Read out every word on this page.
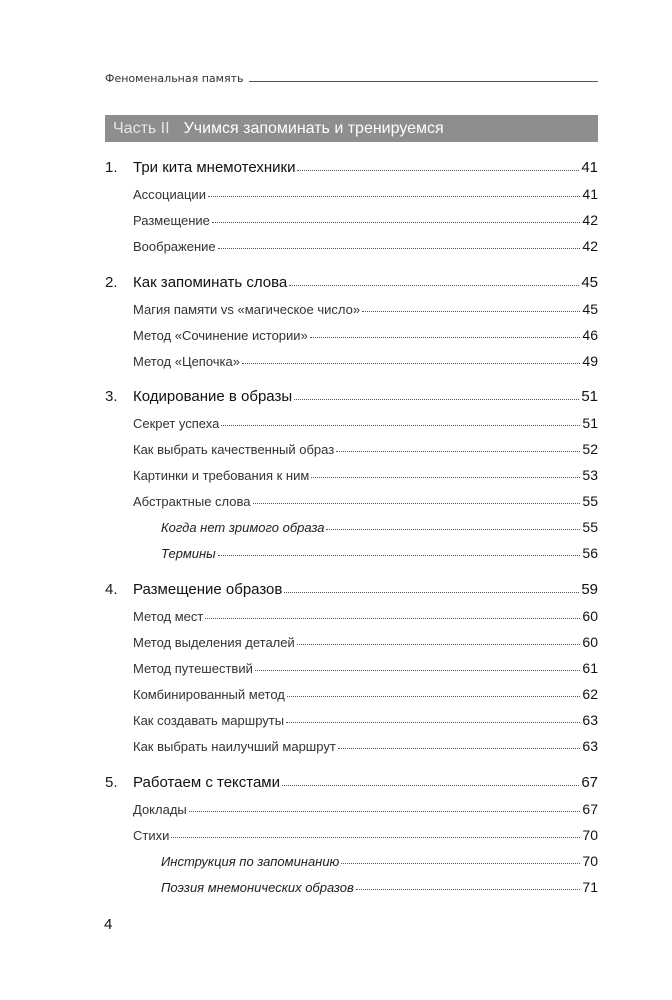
Феноменальная память
Часть II Учимся запоминать и тренируемся
1.	Три кита мнемотехники	41
Ассоциации	41
Размещение	42
Воображение	42
2.	Как запоминать слова	45
Магия памяти vs «магическое число»	45
Метод «Сочинение истории»	46
Метод «Цепочка»	49
3.	Кодирование в образы	51
Секрет успеха	51
Как выбрать качественный образ	52
Картинки и требования к ним	53
Абстрактные слова	55
Когда нет зримого образа	55
Термины	56
4.	Размещение образов	59
Метод мест	60
Метод выделения деталей	60
Метод путешествий	61
Комбинированный метод	62
Как создавать маршруты	63
Как выбрать наилучший маршрут	63
5.	Работаем с текстами	67
Доклады	67
Стихи	70
Инструкция по запоминанию	70
Поэзия мнемонических образов	71
4
